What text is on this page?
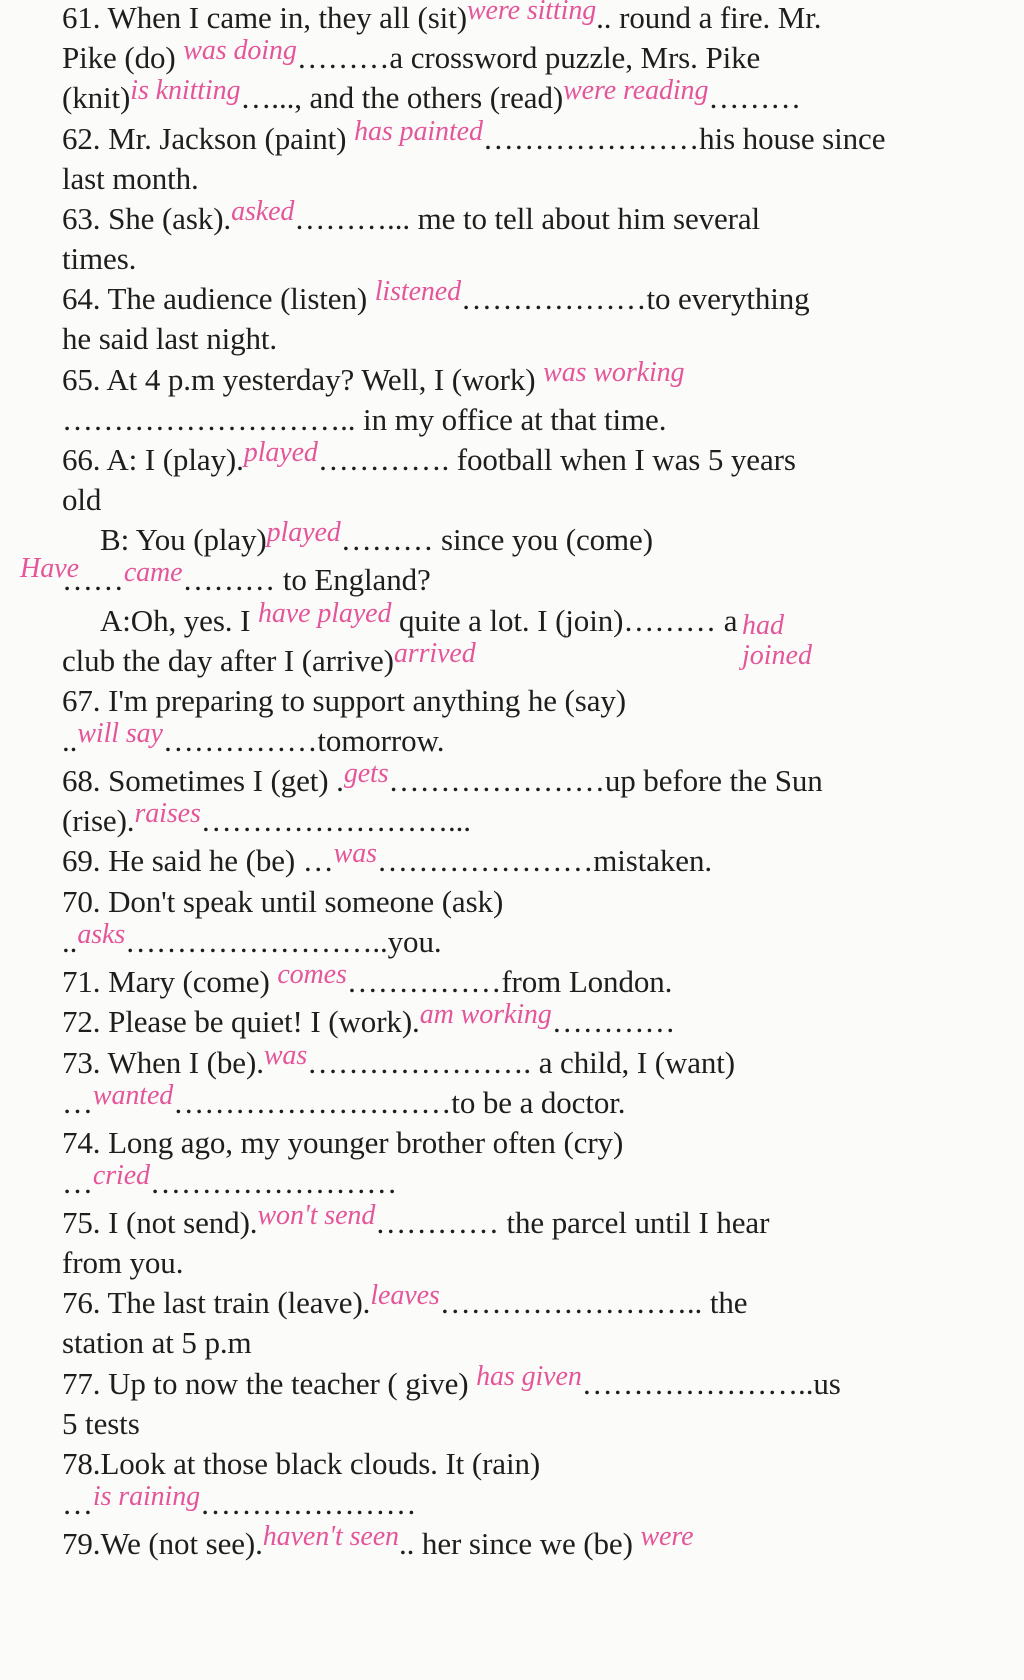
61. When I came in, they all (sit)were sitting.. round a fire. Mr.
Pike (do) was doing………a crossword puzzle, Mrs. Pike
(knit)is knitting…..., and the others (read)were reading………
62. Mr. Jackson (paint) has painted…………………his house since
last month.
63. She (ask).asked………... me to tell about him several
times.
64. The audience (listen) listened………………to everything
he said last night.
65. At 4 p.m yesterday? Well, I (work) was working
……………………….. in my office at that time.
66. A: I (play).played…………. football when I was 5 years
old
B: You (play)played……… since you (come)
……came……… to England?
A:Oh, yes. I have played quite a lot. I (join)……… a
club the day after I (arrive)arrived
67. I'm preparing to support anything he (say)
..will say……………tomorrow.
68. Sometimes I (get) .gets…………………up before the Sun
(rise).raises……………………...
69. He said he (be) …was…………………mistaken.
70. Don't speak until someone (ask)
..asks……………………..you.
71. Mary (come) comes……………from London.
72. Please be quiet! I (work).am working…………
73. When I (be).was…………………. a child, I (want)
…wanted………………………to be a doctor.
74. Long ago, my younger brother often (cry)
…cried……………………
75. I (not send).won't send………… the parcel until I hear
from you.
76. The last train (leave).leaves…………………….. the
station at 5 p.m
77. Up to now the teacher ( give) has given…………………..us
5 tests
78.Look at those black clouds. It (rain)
…is raining…………………
79.We (not see).haven't seen.. her since we (be) were
Have
had
joined
